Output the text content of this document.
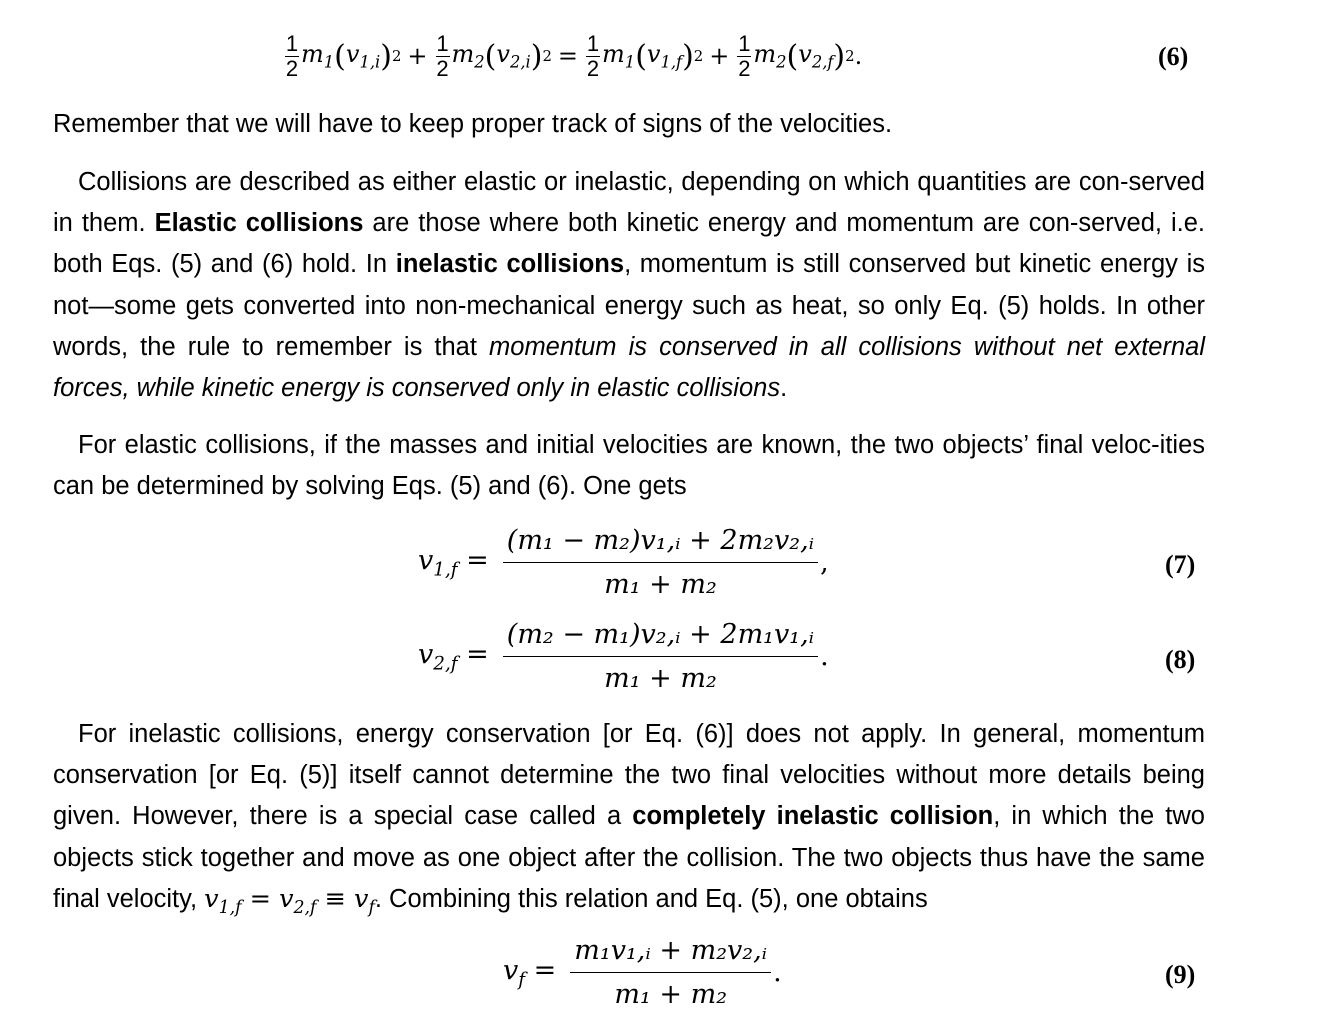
1
2 $m_1$ ( $v_{1,i}$ ) 2 + 1
2 $m_2$ ( $v_{2,i}$ ) 2 = 1
2 $m_1$ ( $v_{1,f}$ ) 2 + 1
2 $m_2$ ( $v_{2,f}$ ) 2 .	(6)
Remember that we will have to keep proper track of signs of the velocities.
Collisions are described as either elastic or inelastic, depending on which quantities are con-served in them. Elastic collisions are those where both kinetic energy and momentum are con-served, i.e. both Eqs. (5) and (6) hold. In inelastic collisions, momentum is still conserved but kinetic energy is not—some gets converted into non-mechanical energy such as heat, so only Eq. (5) holds. In other words, the rule to remember is that momentum is conserved in all collisions without net external forces, while kinetic energy is conserved only in elastic collisions.
For elastic collisions, if the masses and initial velocities are known, the two objects’ final veloc-ities can be determined by solving Eqs. (5) and (6). One gets
$v_{1,f} = \frac{\text{(m₁ − m₂)v₁,ᵢ + 2m₂v₂,ᵢ}}{\text{m₁ + m₂}}$ ,	(7)
$v_{2,f} = \frac{\text{(m₂ − m₁)v₂,ᵢ + 2m₁v₁,ᵢ}}{\text{m₁ + m₂}}$ .	(8)
For inelastic collisions, energy conservation [or Eq. (6)] does not apply. In general, momentum conservation [or Eq. (5)] itself cannot determine the two final velocities without more details being given. However, there is a special case called a completely inelastic collision, in which the two objects stick together and move as one object after the collision. The two objects thus have the same final velocity, $v_{1,f} = v_{2,f} \equiv v_f$. Combining this relation and Eq. (5), one obtains
$v_f = \frac{\text{m₁v₁,ᵢ + m₂v₂,ᵢ}}{\text{m₁ + m₂}}$ .	(9)
